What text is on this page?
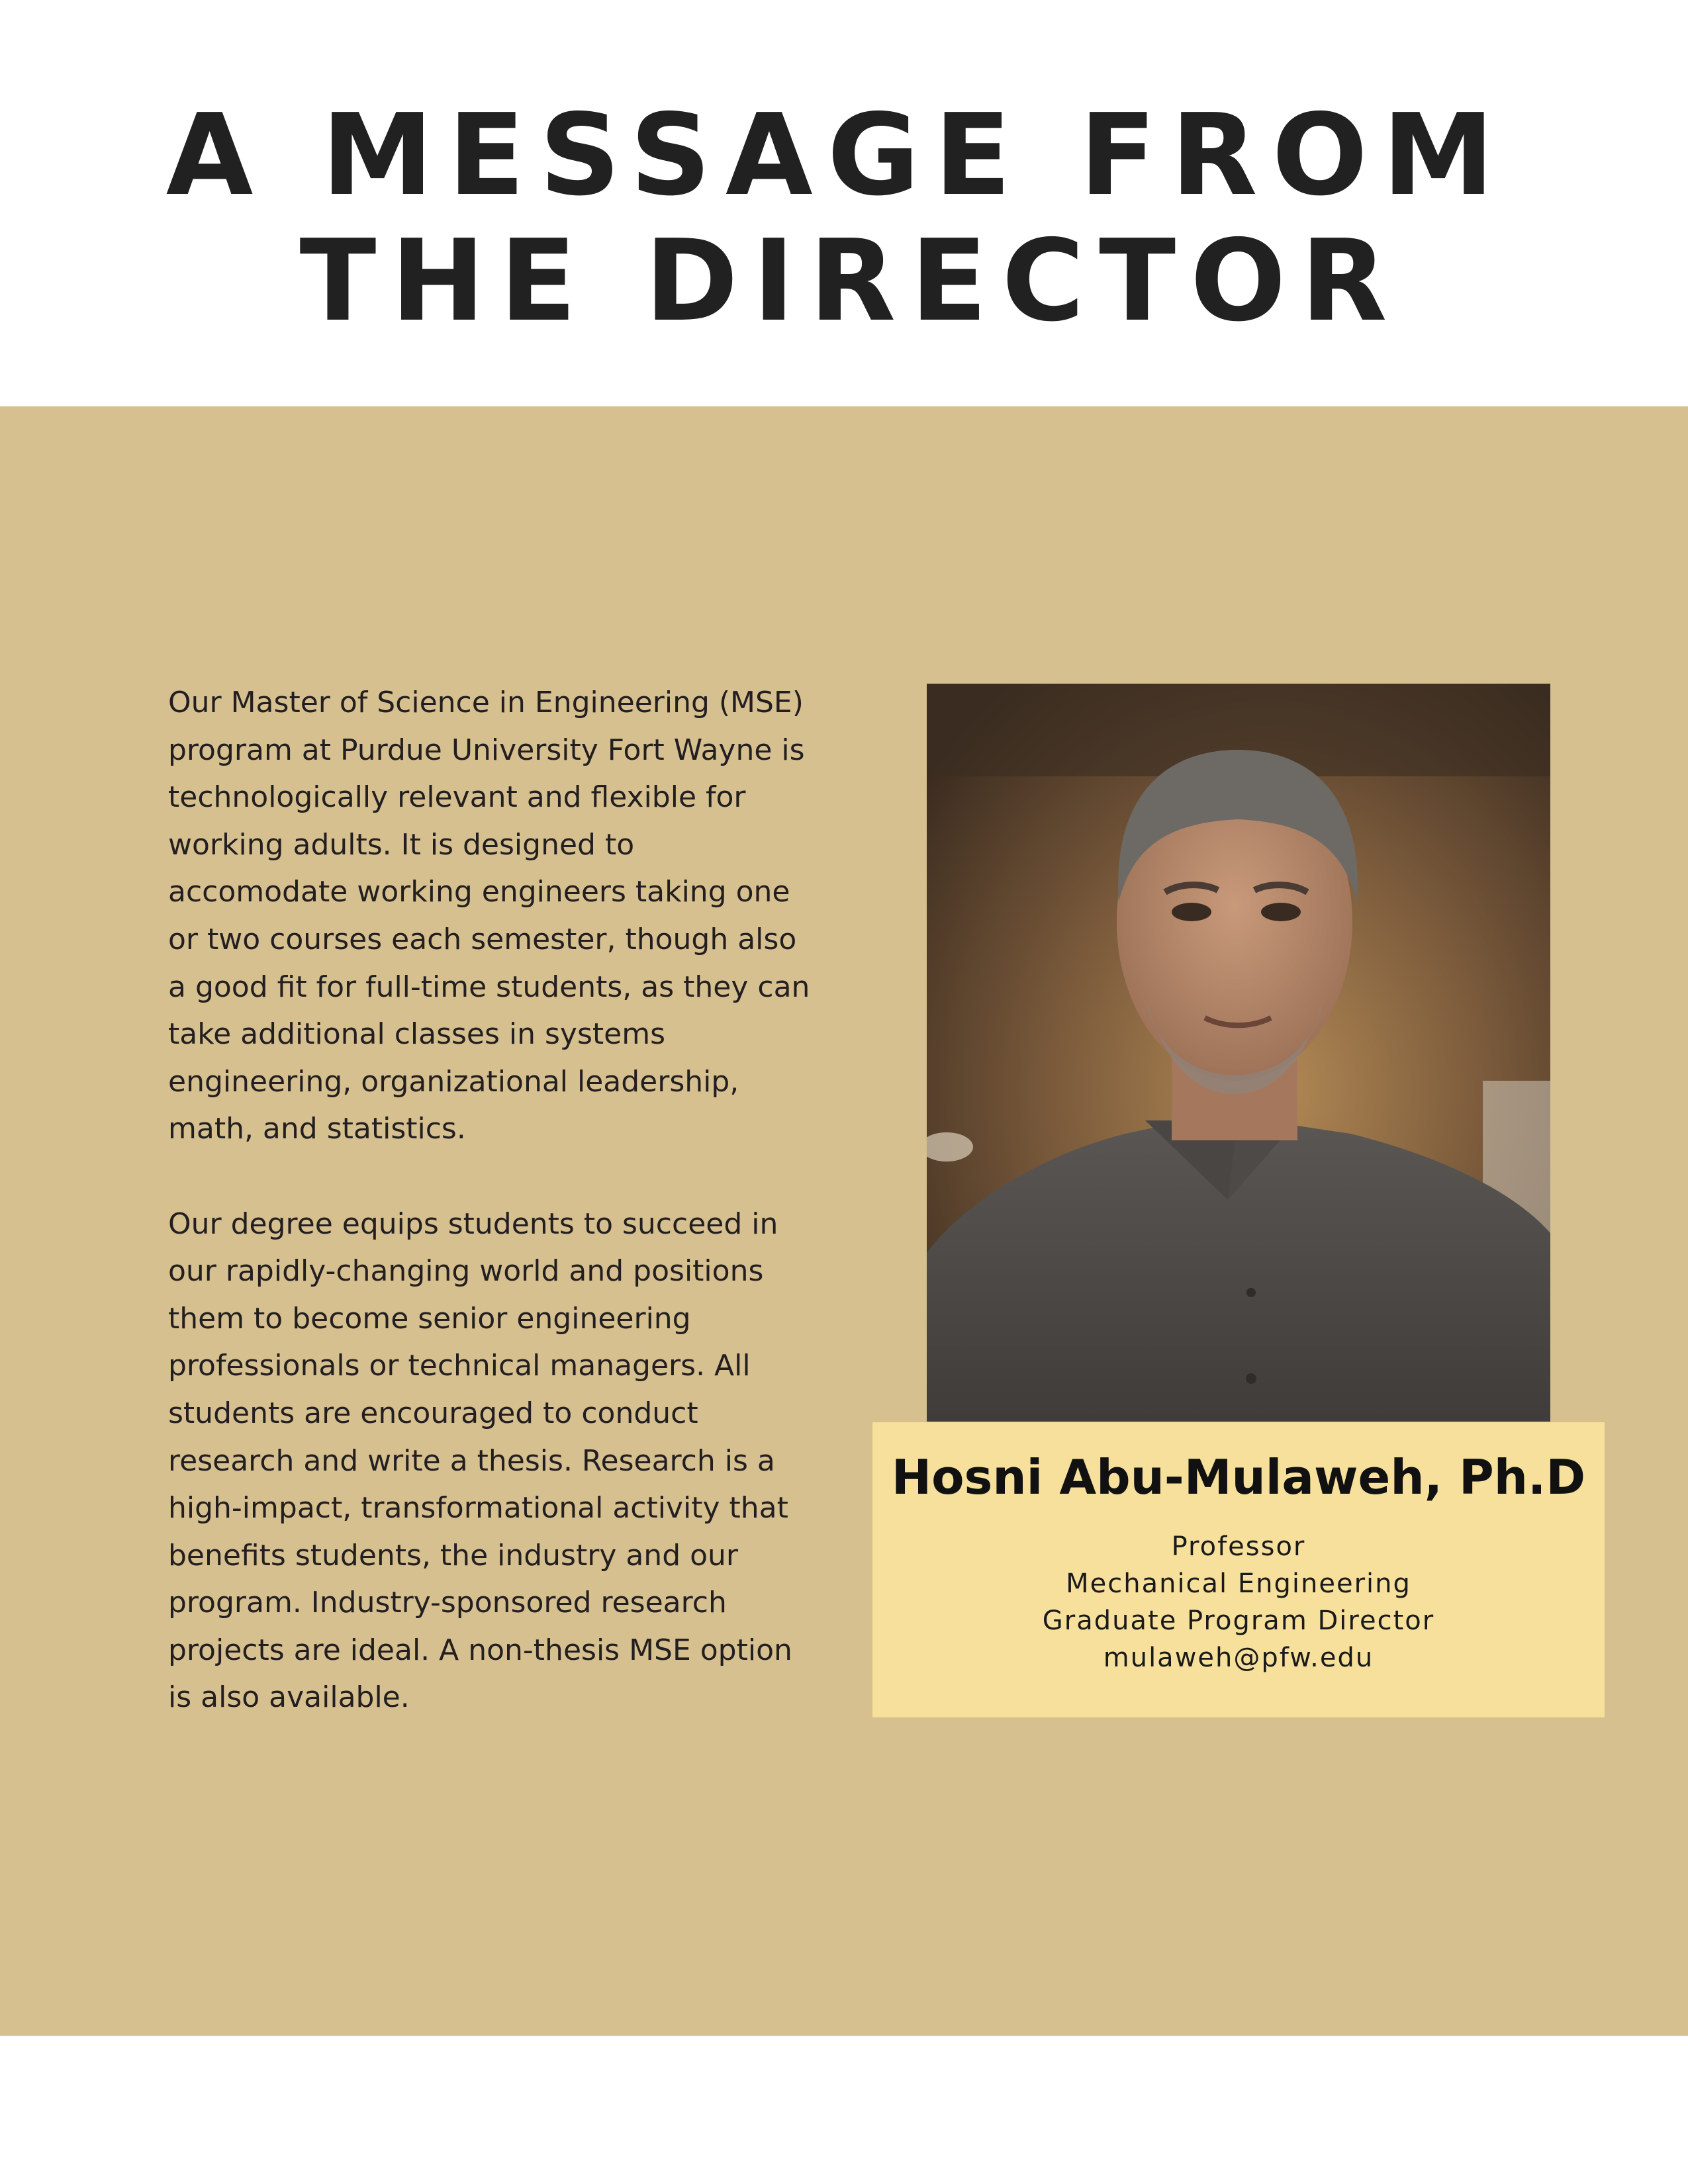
A MESSAGE FROM
THE DIRECTOR

Our Master of Science in Engineering (MSE) program at Purdue University Fort Wayne is technologically relevant and flexible for working adults. It is designed to accomodate working engineers taking one or two courses each semester, though also a good fit for full-time students, as they can take additional classes in systems engineering, organizational leadership, math, and statistics.

Our degree equips students to succeed in our rapidly-changing world and positions them to become senior engineering professionals or technical managers. All students are encouraged to conduct research and write a thesis. Research is a high-impact, transformational activity that benefits students, the industry and our program. Industry-sponsored research projects are ideal. A non-thesis MSE option is also available.

Hosni Abu-Mulaweh, Ph.D
Professor
Mechanical Engineering
Graduate Program Director
mulaweh@pfw.edu
